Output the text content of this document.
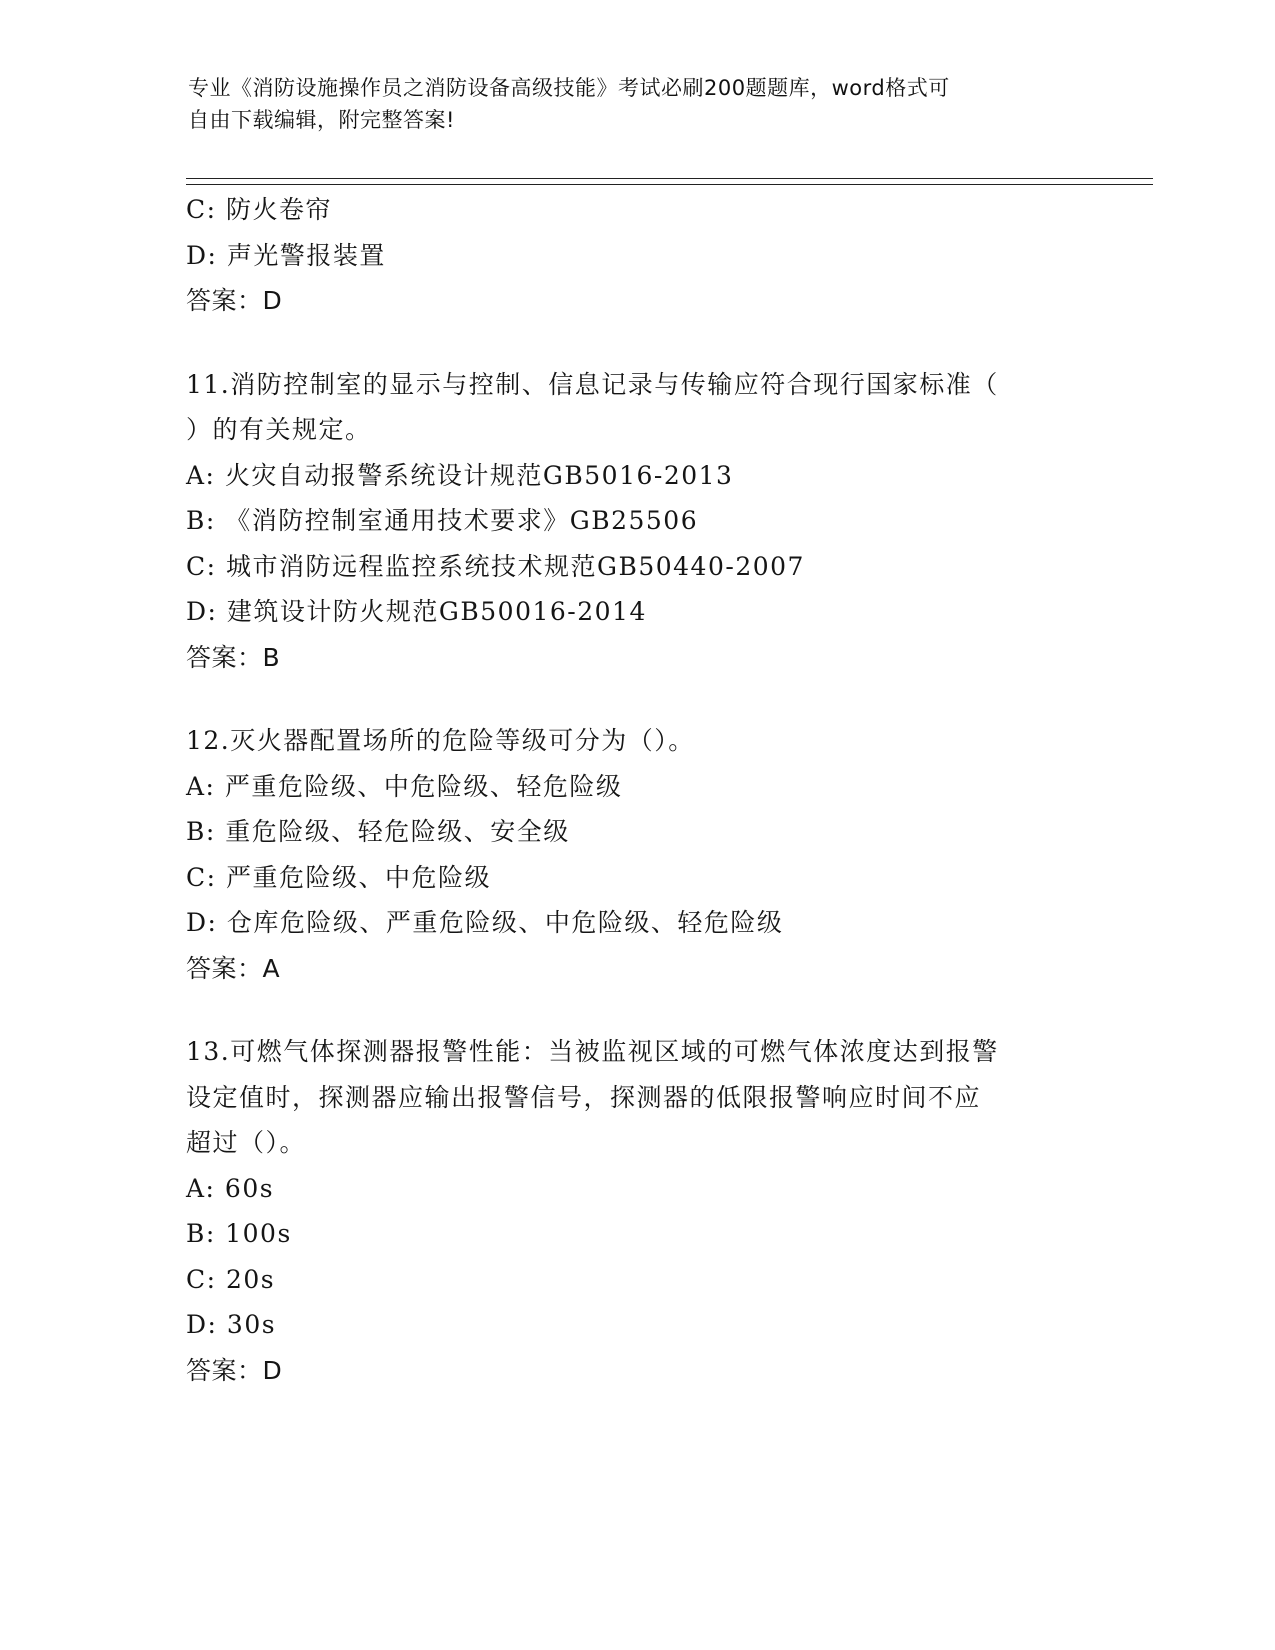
专业《消防设施操作员之消防设备高级技能》考试必刷200题题库，word格式可
自由下载编辑，附完整答案!
C: 防火卷帘
D: 声光警报装置
答案：D
11.消防控制室的显示与控制、信息记录与传输应符合现行国家标准（
）的有关规定。
A: 火灾自动报警系统设计规范GB5016-2013
B: 《消防控制室通用技术要求》GB25506
C: 城市消防远程监控系统技术规范GB50440-2007
D: 建筑设计防火规范GB50016-2014
答案：B
12.灭火器配置场所的危险等级可分为（）。
A: 严重危险级、中危险级、轻危险级
B: 重危险级、轻危险级、安全级
C: 严重危险级、中危险级
D: 仓库危险级、严重危险级、中危险级、轻危险级
答案：A
13.可燃气体探测器报警性能：当被监视区域的可燃气体浓度达到报警
设定值时，探测器应输出报警信号，探测器的低限报警响应时间不应
超过（）。
A: 60s
B: 100s
C: 20s
D: 30s
答案：D
